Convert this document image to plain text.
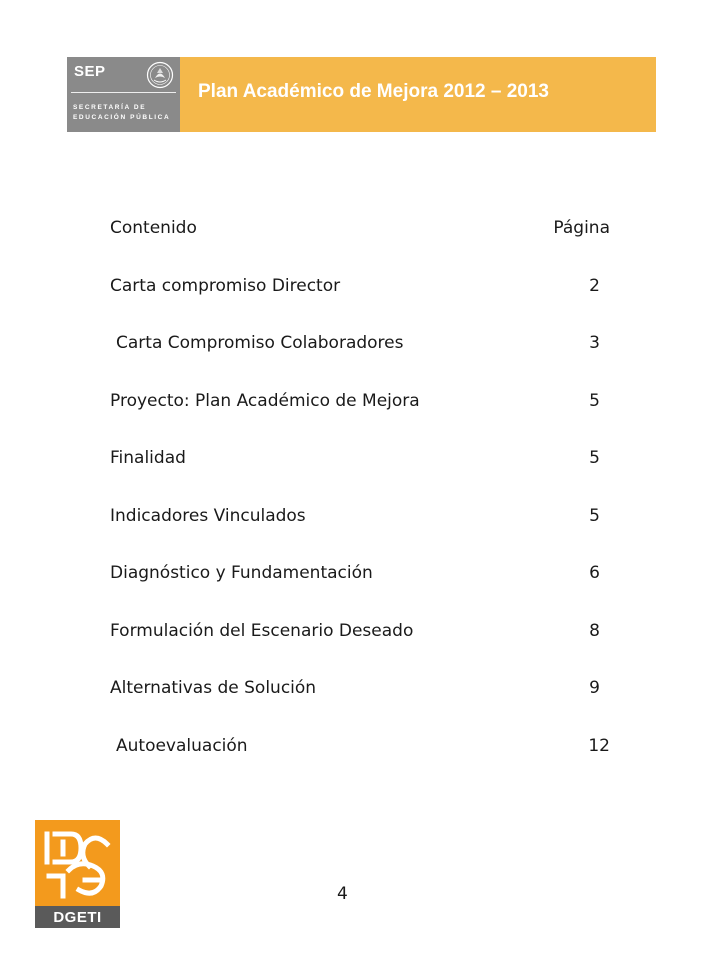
SEP
SECRETARÍA DE
EDUCACIÓN PÚBLICA
Plan Académico de Mejora 2012 – 2013
Contenido	Página
Carta compromiso Director	2
Carta Compromiso Colaboradores	3
Proyecto: Plan Académico de Mejora	5
Finalidad	5
Indicadores Vinculados	5
Diagnóstico y Fundamentación	6
Formulación del Escenario Deseado	8
Alternativas de Solución	9
Autoevaluación	12
DGETI
4
